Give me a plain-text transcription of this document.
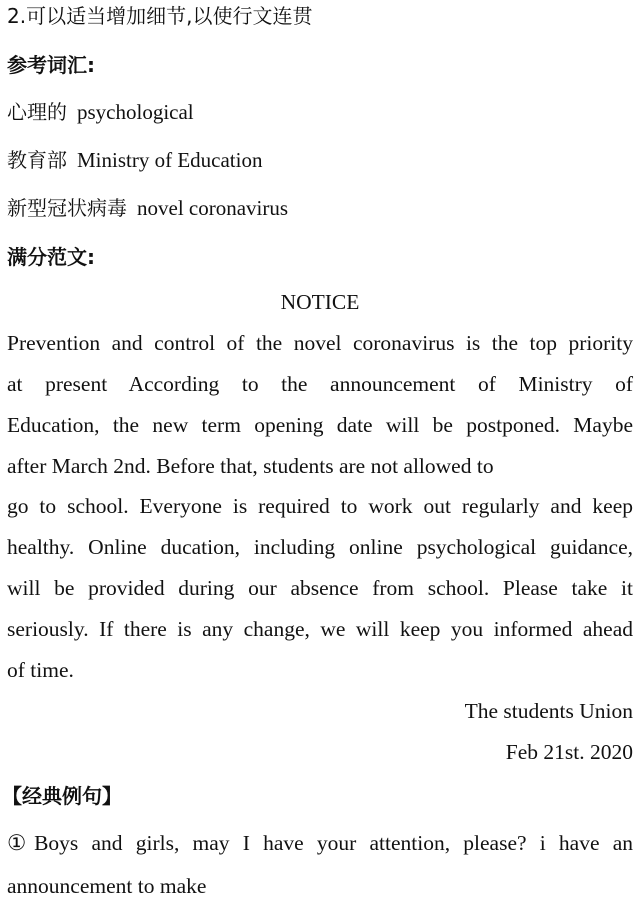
2.可以适当增加细节,以使行文连贯
参考词汇:
心理的 psychological
教育部 Ministry of Education
新型冠状病毒 novel coronavirus
满分范文:
NOTICE
Prevention and control of the novel coronavirus is the top priority
at present According to the announcement of Ministry of
Education, the new term opening date will be postponed. Maybe
after March 2nd. Before that, students are not allowed to
go to school. Everyone is required to work out regularly and keep
healthy. Online ducation, including online psychological guidance,
will be provided during our absence from school. Please take it
seriously. If there is any change, we will keep you informed ahead
of time.
The students Union
Feb 21st. 2020
【经典例句】
①Boys and girls, may I have your attention, please? i have an
announcement to make
